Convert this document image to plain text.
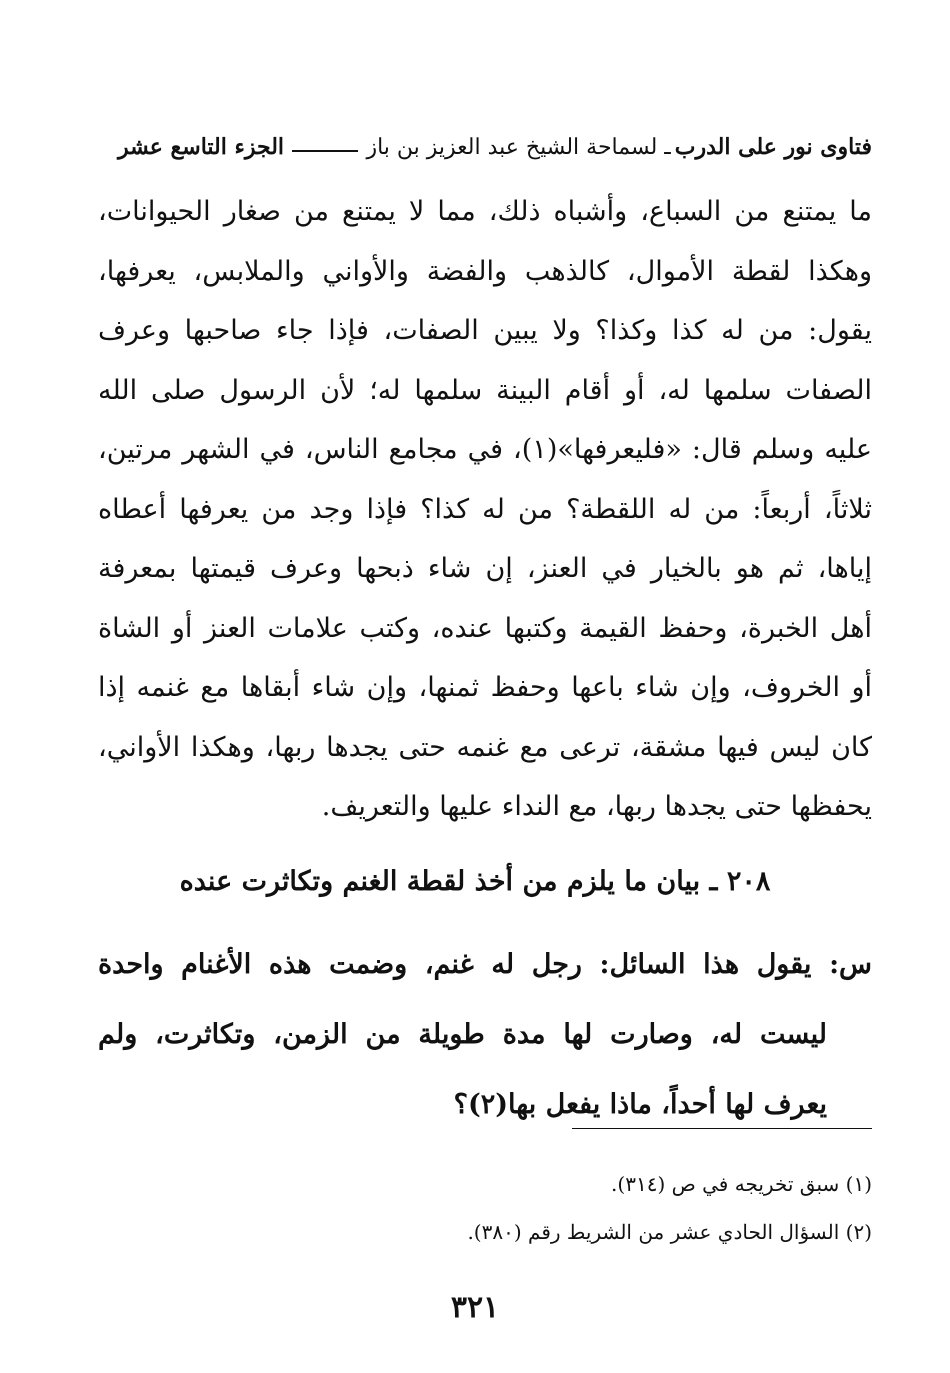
فتاوى نور على الدرب
ـ لسماحة الشيخ عبد العزيز بن باز
الجزء التاسع عشر
ما يمتنع من السباع، وأشباه ذلك، مما لا يمتنع من صغار الحيوانات،
وهكذا لقطة الأموال، كالذهب والفضة والأواني والملابس، يعرفها،
يقول: من له كذا وكذا؟ ولا يبين الصفات، فإذا جاء صاحبها وعرف
الصفات سلمها له، أو أقام البينة سلمها له؛ لأن الرسول صلى الله
عليه وسلم قال: «فليعرفها»(١)، في مجامع الناس، في الشهر مرتين،
ثلاثاً، أربعاً: من له اللقطة؟ من له كذا؟ فإذا وجد من يعرفها أعطاه
إياها، ثم هو بالخيار في العنز، إن شاء ذبحها وعرف قيمتها بمعرفة
أهل الخبرة، وحفظ القيمة وكتبها عنده، وكتب علامات العنز أو الشاة
أو الخروف، وإن شاء باعها وحفظ ثمنها، وإن شاء أبقاها مع غنمه إذا
كان ليس فيها مشقة، ترعى مع غنمه حتى يجدها ربها، وهكذا الأواني،
يحفظها حتى يجدها ربها، مع النداء عليها والتعريف.
٢٠٨ ـ بيان ما يلزم من أخذ لقطة الغنم وتكاثرت عنده
س: يقول هذا السائل: رجل له غنم، وضمت هذه الأغنام واحدة
ليست له، وصارت لها مدة طويلة من الزمن، وتكاثرت، ولم
يعرف لها أحداً، ماذا يفعل بها(٢)؟
(١) سبق تخريجه في ص (٣١٤).
(٢) السؤال الحادي عشر من الشريط رقم (٣٨٠).
٣٢١
